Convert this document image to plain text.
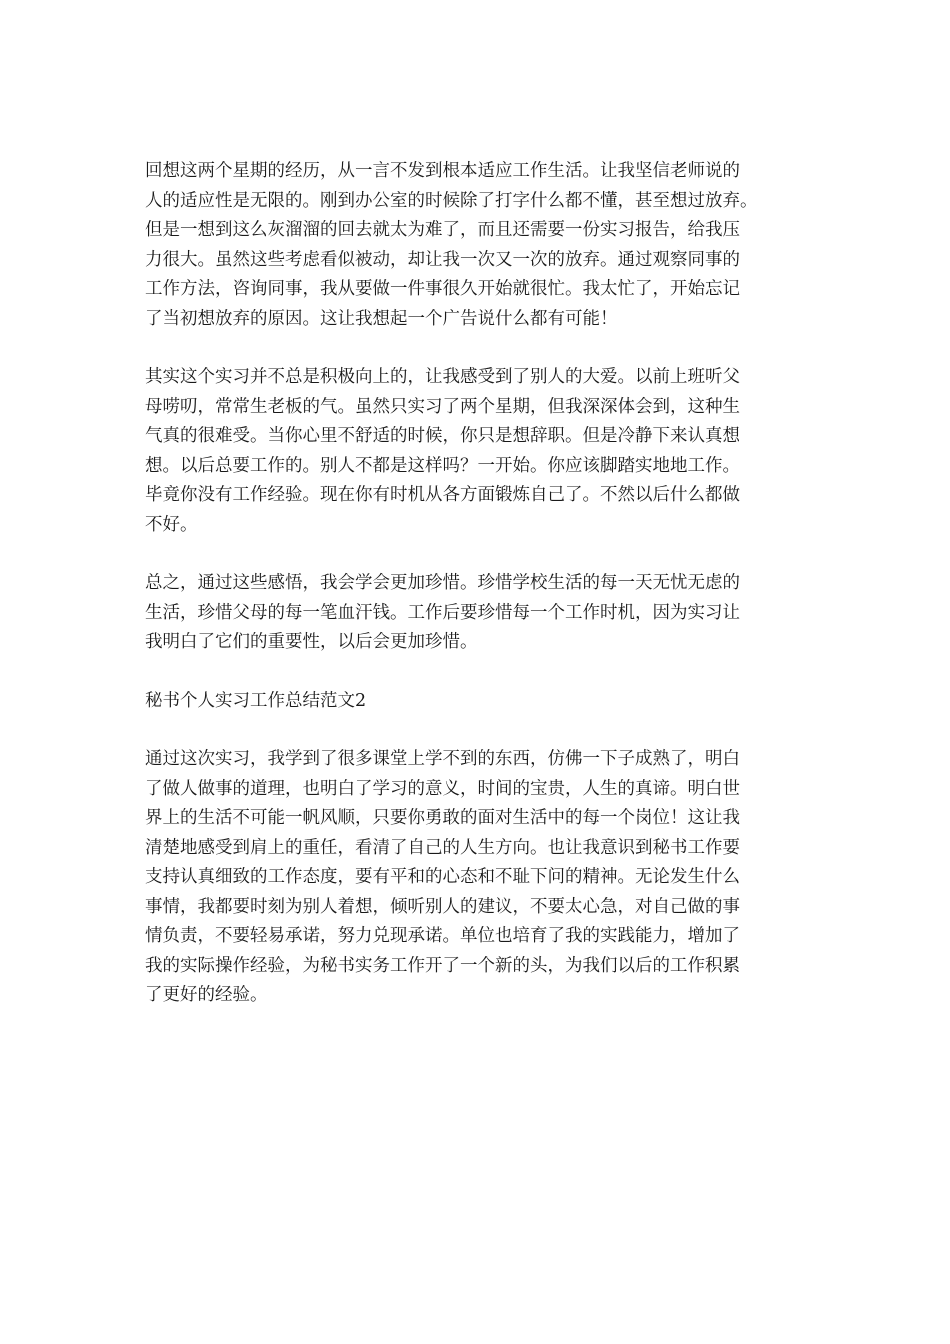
回想这两个星期的经历，从一言不发到根本适应工作生活。让我坚信老师说的
人的适应性是无限的。刚到办公室的时候除了打字什么都不懂，甚至想过放弃。
但是一想到这么灰溜溜的回去就太为难了，而且还需要一份实习报告，给我压
力很大。虽然这些考虑看似被动，却让我一次又一次的放弃。通过观察同事的
工作方法，咨询同事，我从要做一件事很久开始就很忙。我太忙了，开始忘记
了当初想放弃的原因。这让我想起一个广告说什么都有可能！

其实这个实习并不总是积极向上的，让我感受到了别人的大爱。以前上班听父
母唠叨，常常生老板的气。虽然只实习了两个星期，但我深深体会到，这种生
气真的很难受。当你心里不舒适的时候，你只是想辞职。但是冷静下来认真想
想。以后总要工作的。别人不都是这样吗？一开始。你应该脚踏实地地工作。
毕竟你没有工作经验。现在你有时机从各方面锻炼自己了。不然以后什么都做
不好。

总之，通过这些感悟，我会学会更加珍惜。珍惜学校生活的每一天无忧无虑的
生活，珍惜父母的每一笔血汗钱。工作后要珍惜每一个工作时机，因为实习让
我明白了它们的重要性，以后会更加珍惜。

秘书个人实习工作总结范文2

通过这次实习，我学到了很多课堂上学不到的东西，仿佛一下子成熟了，明白
了做人做事的道理，也明白了学习的意义，时间的宝贵，人生的真谛。明白世
界上的生活不可能一帆风顺，只要你勇敢的面对生活中的每一个岗位！这让我
清楚地感受到肩上的重任，看清了自己的人生方向。也让我意识到秘书工作要
支持认真细致的工作态度，要有平和的心态和不耻下问的精神。无论发生什么
事情，我都要时刻为别人着想，倾听别人的建议，不要太心急，对自己做的事
情负责，不要轻易承诺，努力兑现承诺。单位也培育了我的实践能力，增加了
我的实际操作经验，为秘书实务工作开了一个新的头，为我们以后的工作积累
了更好的经验。
